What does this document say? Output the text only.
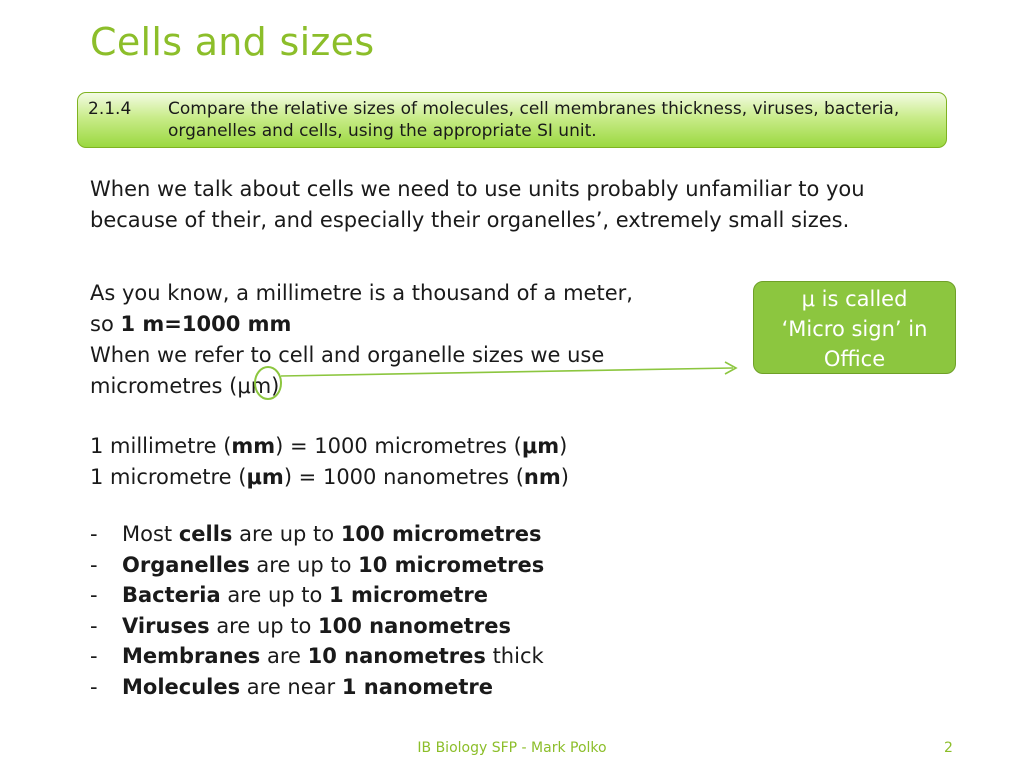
Cells and sizes
2.1.4 Compare the relative sizes of molecules, cell membranes thickness, viruses, bacteria, organelles and cells, using the appropriate SI unit.
When we talk about cells we need to use units probably unfamiliar to you because of their, and especially their organelles’, extremely small sizes.
As you know, a millimetre is a thousand of a meter,
so 1 m=1000 mm
When we refer to cell and organelle sizes we use
micrometres (μm)
1 millimetre (mm) = 1000 micrometres (μm)
1 micrometre (μm) = 1000 nanometres (nm)
- Most cells are up to 100 micrometres
- Organelles are up to 10 micrometres
- Bacteria are up to 1 micrometre
- Viruses are up to 100 nanometres
- Membranes are 10 nanometres thick
- Molecules are near 1 nanometre
μ is called
‘Micro sign’ in
Office
IB Biology SFP - Mark Polko	2
